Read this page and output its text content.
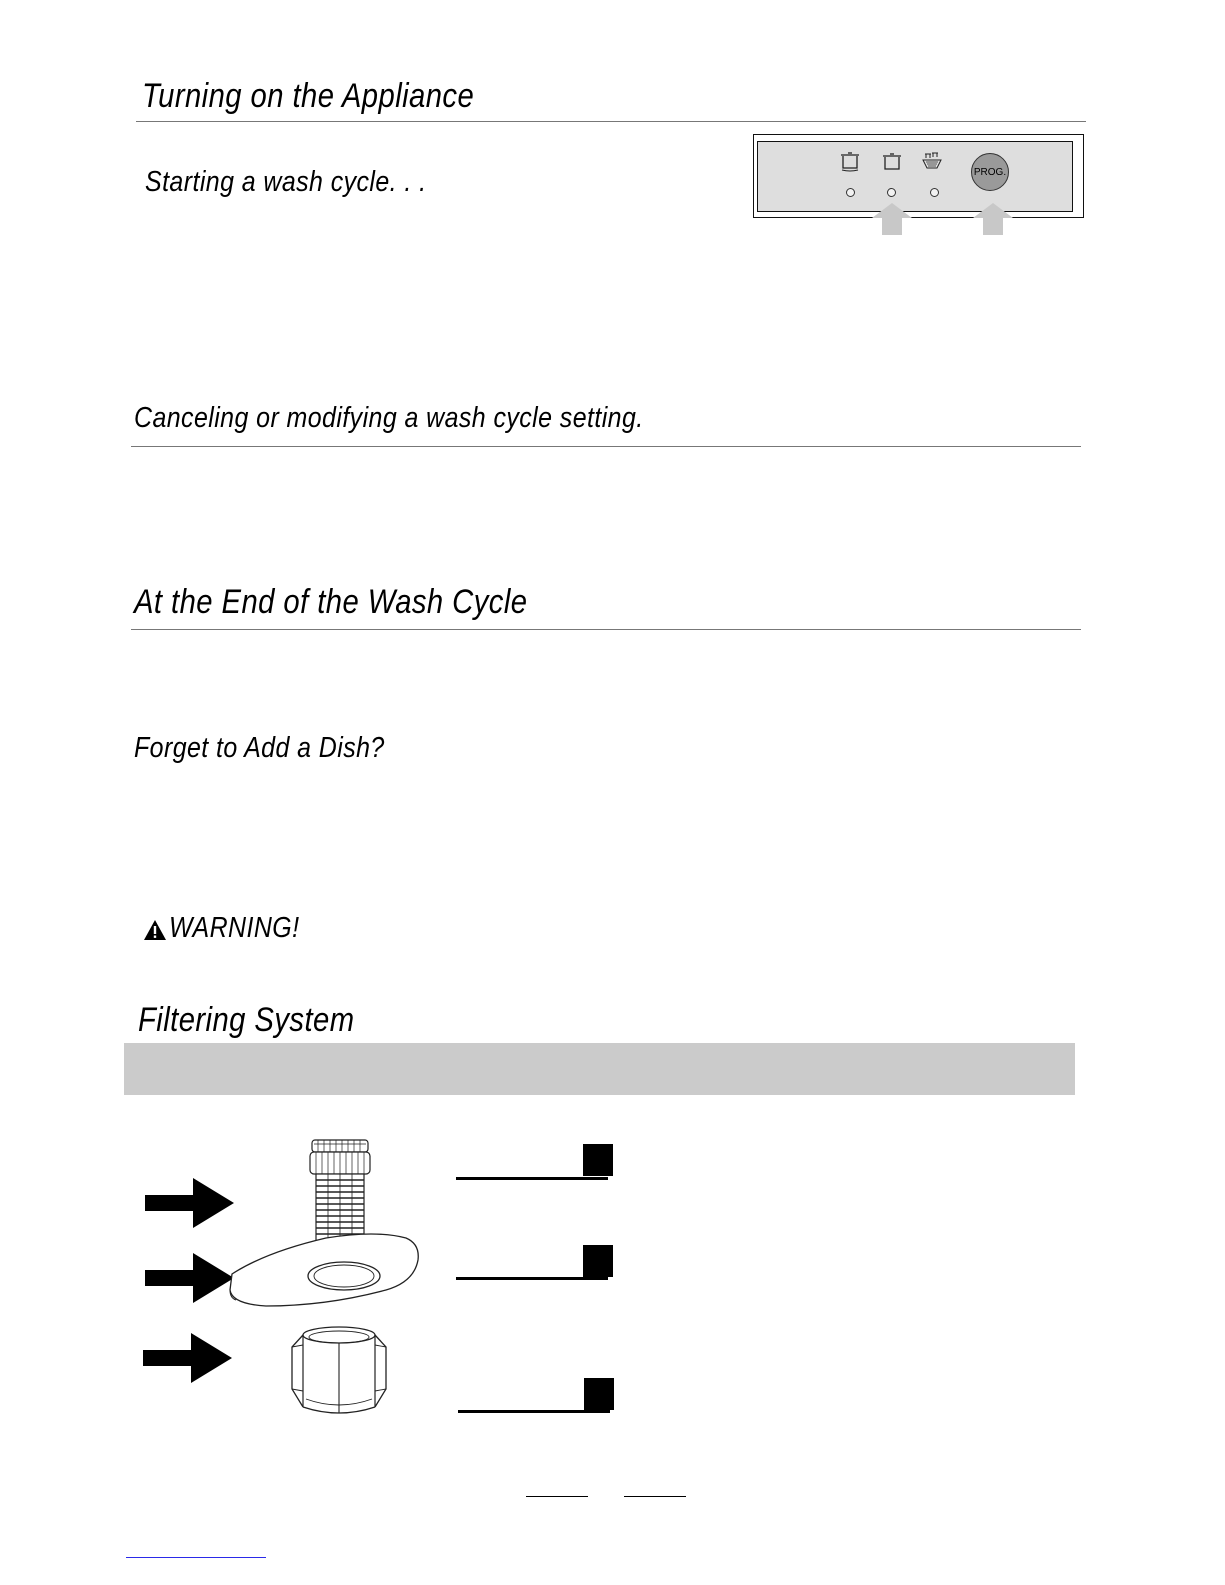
Turning on the Appliance
Starting a wash cycle. . .	PROG.
Canceling or modifying a wash cycle setting.
At the End of the Wash Cycle
Forget to Add a Dish?
WARNING!
Filtering System
